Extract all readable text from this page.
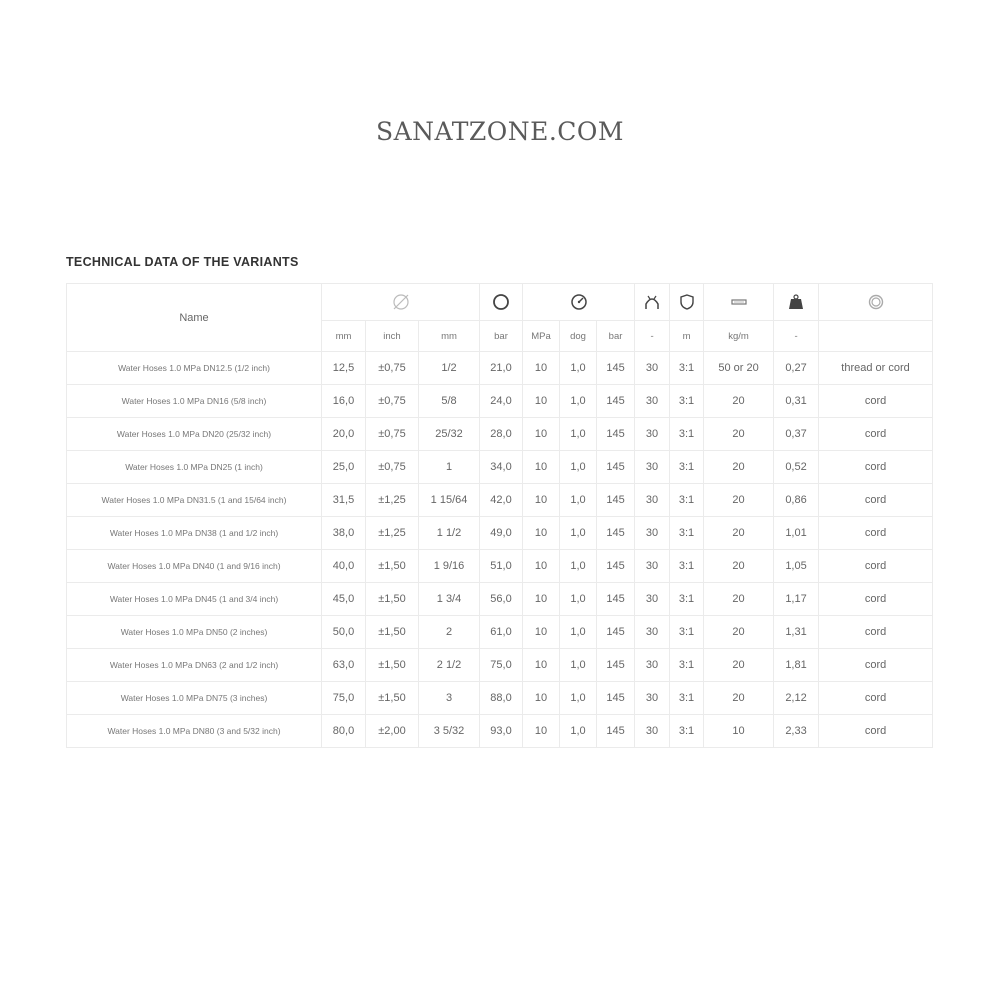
SANATZONE.COM
TECHNICAL DATA OF THE VARIANTS
Name							

	mm	inch	mm	bar	MPa	dog	bar	-	m	kg/m	-	
Water Hoses 1.0 MPa DN12.5 (1/2 inch)	12,5	±0,75	1/2	21,0	10	1,0	145	30	3:1	50 or 20	0,27	thread or cord
Water Hoses 1.0 MPa DN16 (5/8 inch)	16,0	±0,75	5/8	24,0	10	1,0	145	30	3:1	20	0,31	cord
Water Hoses 1.0 MPa DN20 (25/32 inch)	20,0	±0,75	25/32	28,0	10	1,0	145	30	3:1	20	0,37	cord
Water Hoses 1.0 MPa DN25 (1 inch)	25,0	±0,75	1	34,0	10	1,0	145	30	3:1	20	0,52	cord
Water Hoses 1.0 MPa DN31.5 (1 and 15/64 inch)	31,5	±1,25	1 15/64	42,0	10	1,0	145	30	3:1	20	0,86	cord
Water Hoses 1.0 MPa DN38 (1 and 1/2 inch)	38,0	±1,25	1 1/2	49,0	10	1,0	145	30	3:1	20	1,01	cord
Water Hoses 1.0 MPa DN40 (1 and 9/16 inch)	40,0	±1,50	1 9/16	51,0	10	1,0	145	30	3:1	20	1,05	cord
Water Hoses 1.0 MPa DN45 (1 and 3/4 inch)	45,0	±1,50	1 3/4	56,0	10	1,0	145	30	3:1	20	1,17	cord
Water Hoses 1.0 MPa DN50 (2 inches)	50,0	±1,50	2	61,0	10	1,0	145	30	3:1	20	1,31	cord
Water Hoses 1.0 MPa DN63 (2 and 1/2 inch)	63,0	±1,50	2 1/2	75,0	10	1,0	145	30	3:1	20	1,81	cord
Water Hoses 1.0 MPa DN75 (3 inches)	75,0	±1,50	3	88,0	10	1,0	145	30	3:1	20	2,12	cord
Water Hoses 1.0 MPa DN80 (3 and 5/32 inch)	80,0	±2,00	3 5/32	93,0	10	1,0	145	30	3:1	10	2,33	cord
